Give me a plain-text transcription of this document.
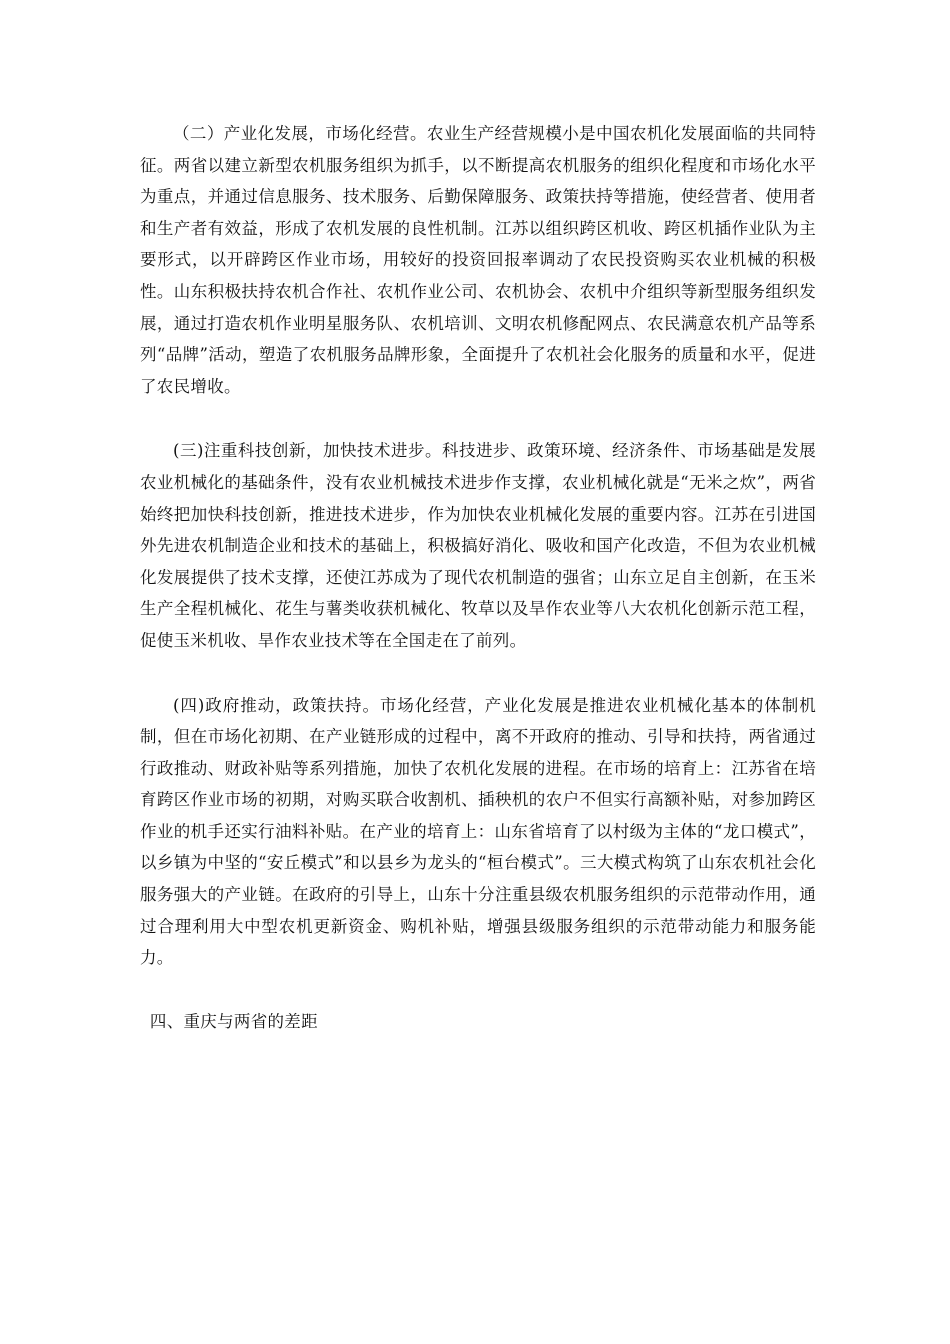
（二）产业化发展，市场化经营。农业生产经营规模小是中国农机化发展面临的共同特征。两省以建立新型农机服务组织为抓手，以不断提高农机服务的组织化程度和市场化水平为重点，并通过信息服务、技术服务、后勤保障服务、政策扶持等措施，使经营者、使用者和生产者有效益，形成了农机发展的良性机制。江苏以组织跨区机收、跨区机插作业队为主要形式，以开辟跨区作业市场，用较好的投资回报率调动了农民投资购买农业机械的积极性。山东积极扶持农机合作社、农机作业公司、农机协会、农机中介组织等新型服务组织发展，通过打造农机作业明星服务队、农机培训、文明农机修配网点、农民满意农机产品等系列“品牌”活动，塑造了农机服务品牌形象，全面提升了农机社会化服务的质量和水平，促进了农民增收。

(三)注重科技创新，加快技术进步。科技进步、政策环境、经济条件、市场基础是发展农业机械化的基础条件，没有农业机械技术进步作支撑，农业机械化就是“无米之炊”，两省始终把加快科技创新，推进技术进步，作为加快农业机械化发展的重要内容。江苏在引进国外先进农机制造企业和技术的基础上，积极搞好消化、吸收和国产化改造，不但为农业机械化发展提供了技术支撑，还使江苏成为了现代农机制造的强省；山东立足自主创新，在玉米生产全程机械化、花生与薯类收获机械化、牧草以及旱作农业等八大农机化创新示范工程，促使玉米机收、旱作农业技术等在全国走在了前列。

(四)政府推动，政策扶持。市场化经营，产业化发展是推进农业机械化基本的体制机制，但在市场化初期、在产业链形成的过程中，离不开政府的推动、引导和扶持，两省通过行政推动、财政补贴等系列措施，加快了农机化发展的进程。在市场的培育上：江苏省在培育跨区作业市场的初期，对购买联合收割机、插秧机的农户不但实行高额补贴，对参加跨区作业的机手还实行油料补贴。在产业的培育上：山东省培育了以村级为主体的“龙口模式”，以乡镇为中坚的“安丘模式”和以县乡为龙头的“桓台模式”。三大模式构筑了山东农机社会化服务强大的产业链。在政府的引导上，山东十分注重县级农机服务组织的示范带动作用，通过合理利用大中型农机更新资金、购机补贴，增强县级服务组织的示范带动能力和服务能力。

四、重庆与两省的差距
